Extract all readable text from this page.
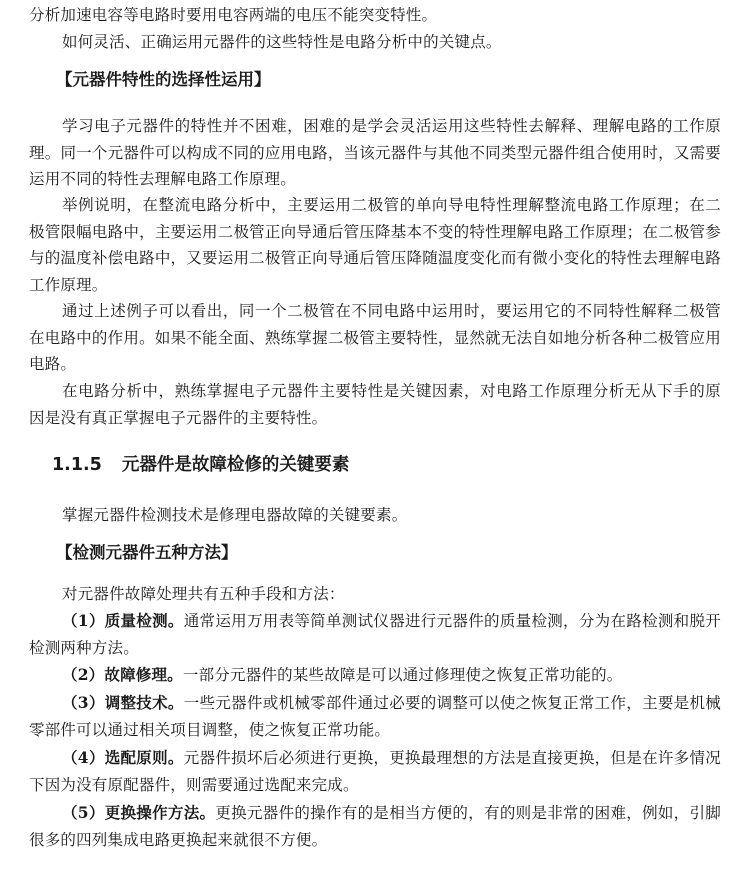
分析加速电容等电路时要用电容两端的电压不能突变特性。

如何灵活、正确运用元器件的这些特性是电路分析中的关键点。

【元器件特性的选择性运用】

学习电子元器件的特性并不困难，困难的是学会灵活运用这些特性去解释、理解电路的工作原理。同一个元器件可以构成不同的应用电路，当该元器件与其他不同类型元器件组合使用时，又需要运用不同的特性去理解电路工作原理。

举例说明，在整流电路分析中，主要运用二极管的单向导电特性理解整流电路工作原理；在二极管限幅电路中，主要运用二极管正向导通后管压降基本不变的特性理解电路工作原理；在二极管参与的温度补偿电路中，又要运用二极管正向导通后管压降随温度变化而有微小变化的特性去理解电路工作原理。

通过上述例子可以看出，同一个二极管在不同电路中运用时，要运用它的不同特性解释二极管在电路中的作用。如果不能全面、熟练掌握二极管主要特性，显然就无法自如地分析各种二极管应用电路。

在电路分析中，熟练掌握电子元器件主要特性是关键因素，对电路工作原理分析无从下手的原因是没有真正掌握电子元器件的主要特性。

1.1.5 元器件是故障检修的关键要素

掌握元器件检测技术是修理电器故障的关键要素。

【检测元器件五种方法】

对元器件故障处理共有五种手段和方法：

（1）质量检测。通常运用万用表等简单测试仪器进行元器件的质量检测，分为在路检测和脱开检测两种方法。

（2）故障修理。一部分元器件的某些故障是可以通过修理使之恢复正常功能的。

（3）调整技术。一些元器件或机械零部件通过必要的调整可以使之恢复正常工作，主要是机械零部件可以通过相关项目调整，使之恢复正常功能。

（4）选配原则。元器件损坏后必须进行更换，更换最理想的方法是直接更换，但是在许多情况下因为没有原配器件，则需要通过选配来完成。

（5）更换操作方法。更换元器件的操作有的是相当方便的，有的则是非常的困难，例如，引脚很多的四列集成电路更换起来就很不方便。
